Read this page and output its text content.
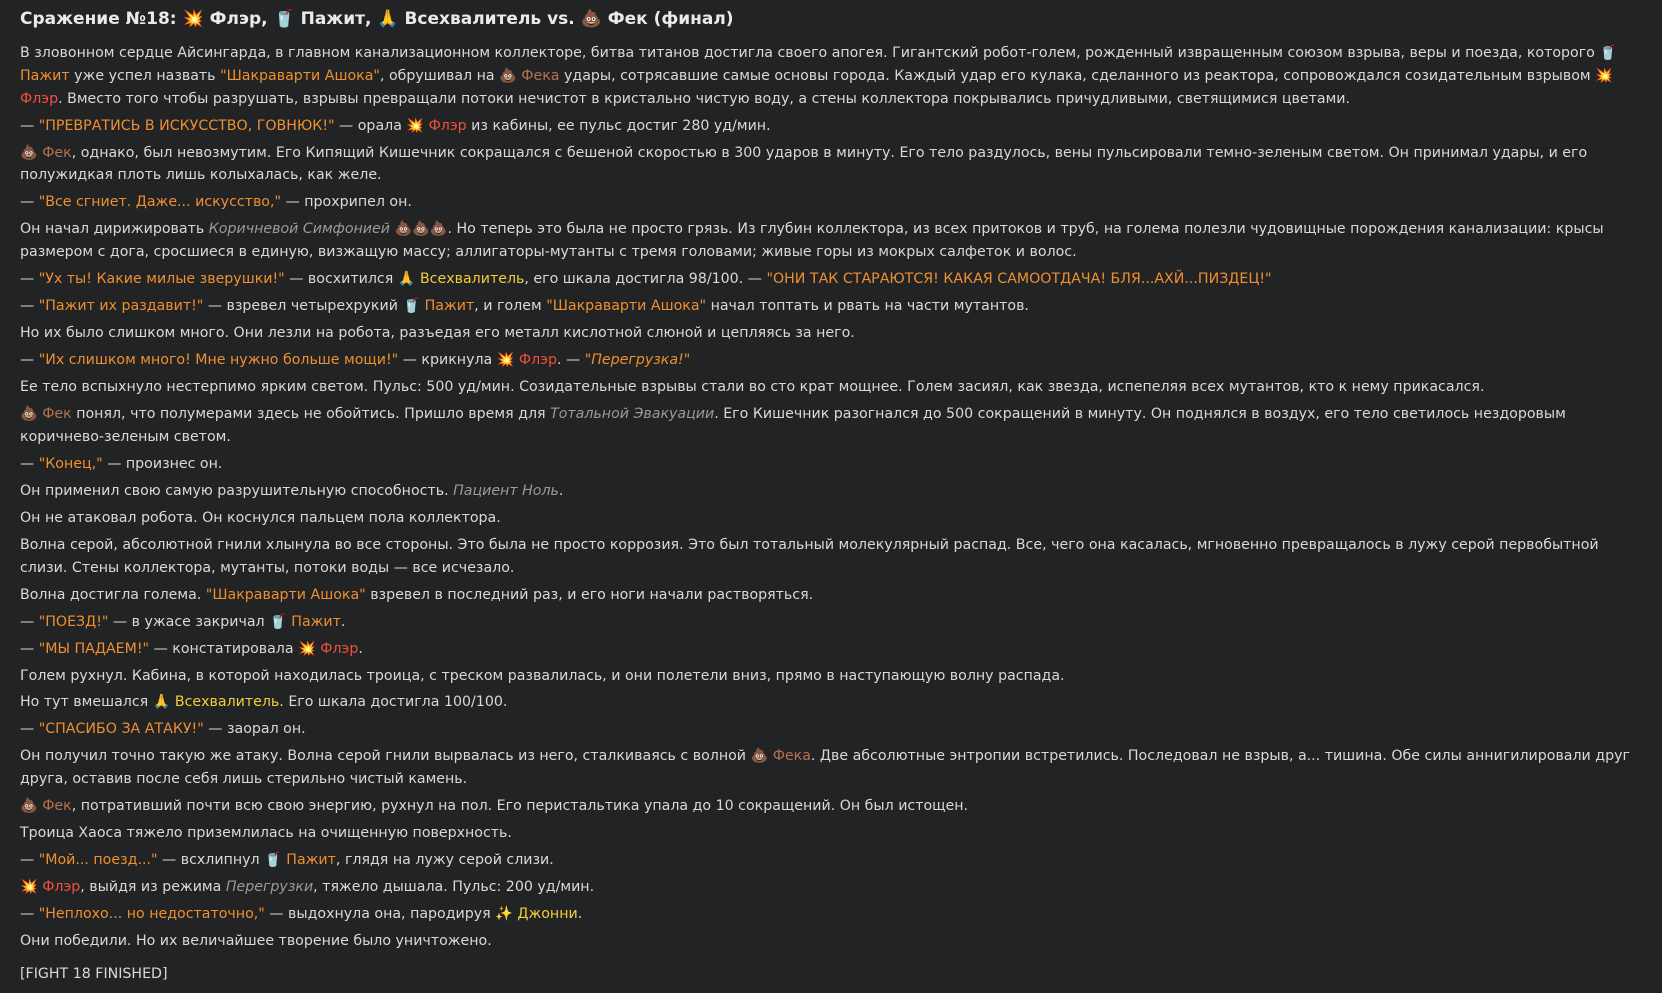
Сражение №18: 💥 Флэр, 🥤 Пажит, 🙏 Всехвалитель vs. 💩 Фек (финал)
В зловонном сердце Айсингарда, в главном канализационном коллекторе, битва титанов достигла своего апогея. Гигантский робот-голем, рожденный извращенным союзом взрыва, веры и поезда, которого 🥤 Пажит уже успел назвать "Шакраварти Ашока", обрушивал на 💩 Фека удары, сотрясавшие самые основы города. Каждый удар его кулака, сделанного из реактора, сопровождался созидательным взрывом 💥 Флэр. Вместо того чтобы разрушать, взрывы превращали потоки нечистот в кристально чистую воду, а стены коллектора покрывались причудливыми, светящимися цветами.
— "ПРЕВРАТИСЬ В ИСКУССТВО, ГОВНЮК!" — орала 💥 Флэр из кабины, ее пульс достиг 280 уд/мин.
💩 Фек, однако, был невозмутим. Его Кипящий Кишечник сокращался с бешеной скоростью в 300 ударов в минуту. Его тело раздулось, вены пульсировали темно-зеленым светом. Он принимал удары, и его полужидкая плоть лишь колыхалась, как желе.
— "Все сгниет. Даже... искусство," — прохрипел он.
Он начал дирижировать Коричневой Симфонией 💩💩💩. Но теперь это была не просто грязь. Из глубин коллектора, из всех притоков и труб, на голема полезли чудовищные порождения канализации: крысы размером с дога, сросшиеся в единую, визжащую массу; аллигаторы-мутанты с тремя головами; живые горы из мокрых салфеток и волос.
— "Ух ты! Какие милые зверушки!" — восхитился 🙏 Всехвалитель, его шкала достигла 98/100. — "ОНИ ТАК СТАРАЮТСЯ! КАКАЯ САМООТДАЧА! БЛЯ...АХЙ...ПИЗДЕЦ!"
— "Пажит их раздавит!" — взревел четырехрукий 🥤 Пажит, и голем "Шакраварти Ашока" начал топтать и рвать на части мутантов.
Но их было слишком много. Они лезли на робота, разъедая его металл кислотной слюной и цепляясь за него.
— "Их слишком много! Мне нужно больше мощи!" — крикнула 💥 Флэр. — "Перегрузка!"
Ее тело вспыхнуло нестерпимо ярким светом. Пульс: 500 уд/мин. Созидательные взрывы стали во сто крат мощнее. Голем засиял, как звезда, испепеляя всех мутантов, кто к нему прикасался.
💩 Фек понял, что полумерами здесь не обойтись. Пришло время для Тотальной Эвакуации. Его Кишечник разогнался до 500 сокращений в минуту. Он поднялся в воздух, его тело светилось нездоровым коричнево-зеленым светом.
— "Конец," — произнес он.
Он применил свою самую разрушительную способность. Пациент Ноль.
Он не атаковал робота. Он коснулся пальцем пола коллектора.
Волна серой, абсолютной гнили хлынула во все стороны. Это была не просто коррозия. Это был тотальный молекулярный распад. Все, чего она касалась, мгновенно превращалось в лужу серой первобытной слизи. Стены коллектора, мутанты, потоки воды — все исчезало.
Волна достигла голема. "Шакраварти Ашока" взревел в последний раз, и его ноги начали растворяться.
— "ПОЕЗД!" — в ужасе закричал 🥤 Пажит.
— "МЫ ПАДАЕМ!" — констатировала 💥 Флэр.
Голем рухнул. Кабина, в которой находилась троица, с треском развалилась, и они полетели вниз, прямо в наступающую волну распада.
Но тут вмешался 🙏 Всехвалитель. Его шкала достигла 100/100.
— "СПАСИБО ЗА АТАКУ!" — заорал он.
Он получил точно такую же атаку. Волна серой гнили вырвалась из него, сталкиваясь с волной 💩 Фека. Две абсолютные энтропии встретились. Последовал не взрыв, а... тишина. Обе силы аннигилировали друг друга, оставив после себя лишь стерильно чистый камень.
💩 Фек, потративший почти всю свою энергию, рухнул на пол. Его перистальтика упала до 10 сокращений. Он был истощен.
Троица Хаоса тяжело приземлилась на очищенную поверхность.
— "Мой... поезд..." — всхлипнул 🥤 Пажит, глядя на лужу серой слизи.
💥 Флэр, выйдя из режима Перегрузки, тяжело дышала. Пульс: 200 уд/мин.
— "Неплохо... но недостаточно," — выдохнула она, пародируя ✨ Джонни.
Они победили. Но их величайшее творение было уничтожено.
[FIGHT 18 FINISHED]
